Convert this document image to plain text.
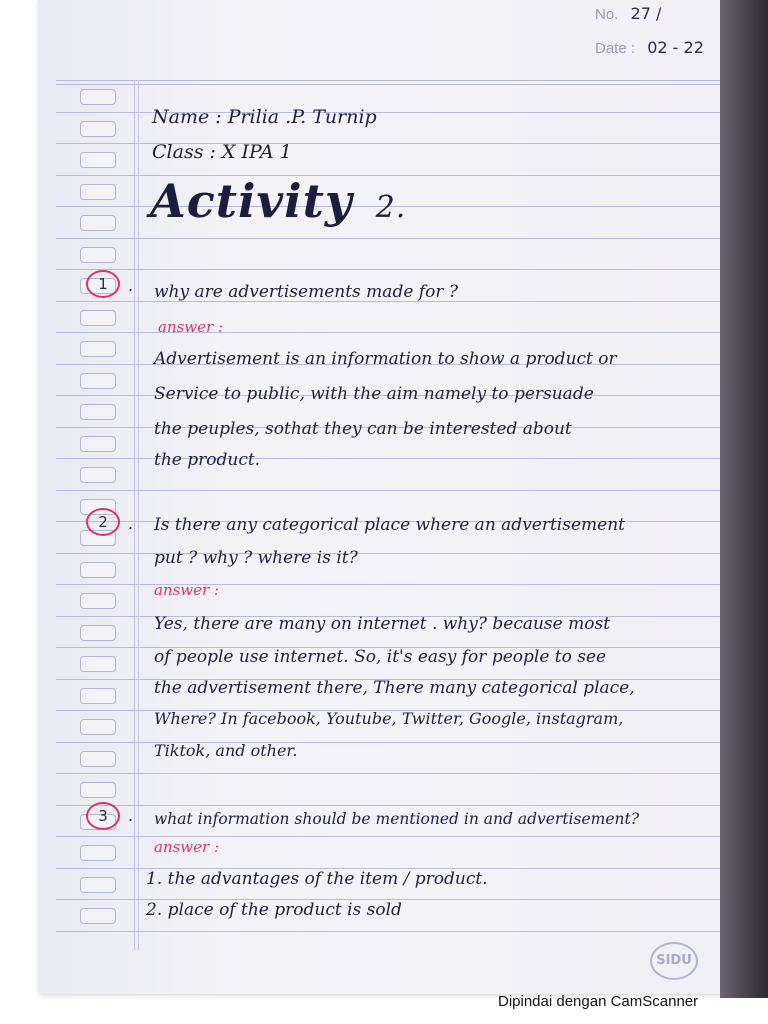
No. 27 /
Date : 02 - 22
Name : Prilia .P. Turnip
Class : X IPA 1
Activity 2.
1	. why are advertisements made for ?
answer :
Advertisement is an information to show a product or
Service to public, with the aim namely to persuade
the peuples, sothat they can be interested about
the product.
2	. Is there any categorical place where an advertisement
put ? why ? where is it?
answer :
Yes, there are many on internet . why? because most
of people use internet. So, it's easy for people to see
the advertisement there, There many categorical place,
Where? In facebook, Youtube, Twitter, Google, instagram,
Tiktok, and other.
3	. what information should be mentioned in and advertisement?
answer :
1. the advantages of the item / product.
2. place of the product is sold
SIDU
Dipindai dengan CamScanner
